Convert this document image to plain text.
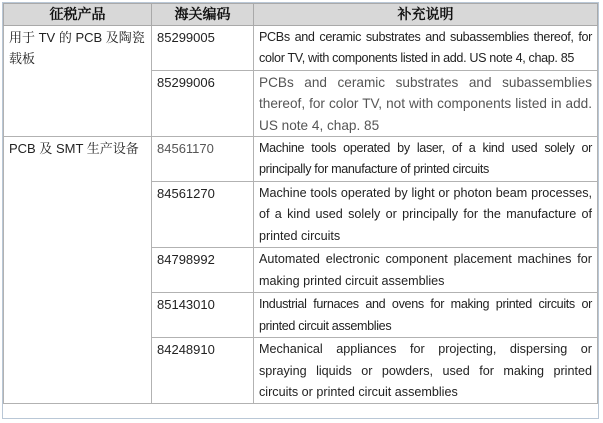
征税产品	海关编码	补充说明
用于 TV 的 PCB 及陶瓷载板	85299005	PCBs and ceramic substrates and subassemblies thereof, for color TV, with components listed in add. US note 4, chap. 85
	85299006	PCBs and ceramic substrates and subassemblies thereof, for color TV, not with components listed in add. US note 4, chap. 85
PCB 及 SMT 生产设备	84561170	Machine tools operated by laser, of a kind used solely or principally for manufacture of printed circuits
	84561270	Machine tools operated by light or photon beam processes, of a kind used solely or principally for the manufacture of printed circuits
	84798992	Automated electronic component placement machines for making printed circuit assemblies
	85143010	Industrial furnaces and ovens for making printed circuits or printed circuit assemblies
	84248910	Mechanical appliances for projecting, dispersing or spraying liquids or powders, used for making printed circuits or printed circuit assemblies
